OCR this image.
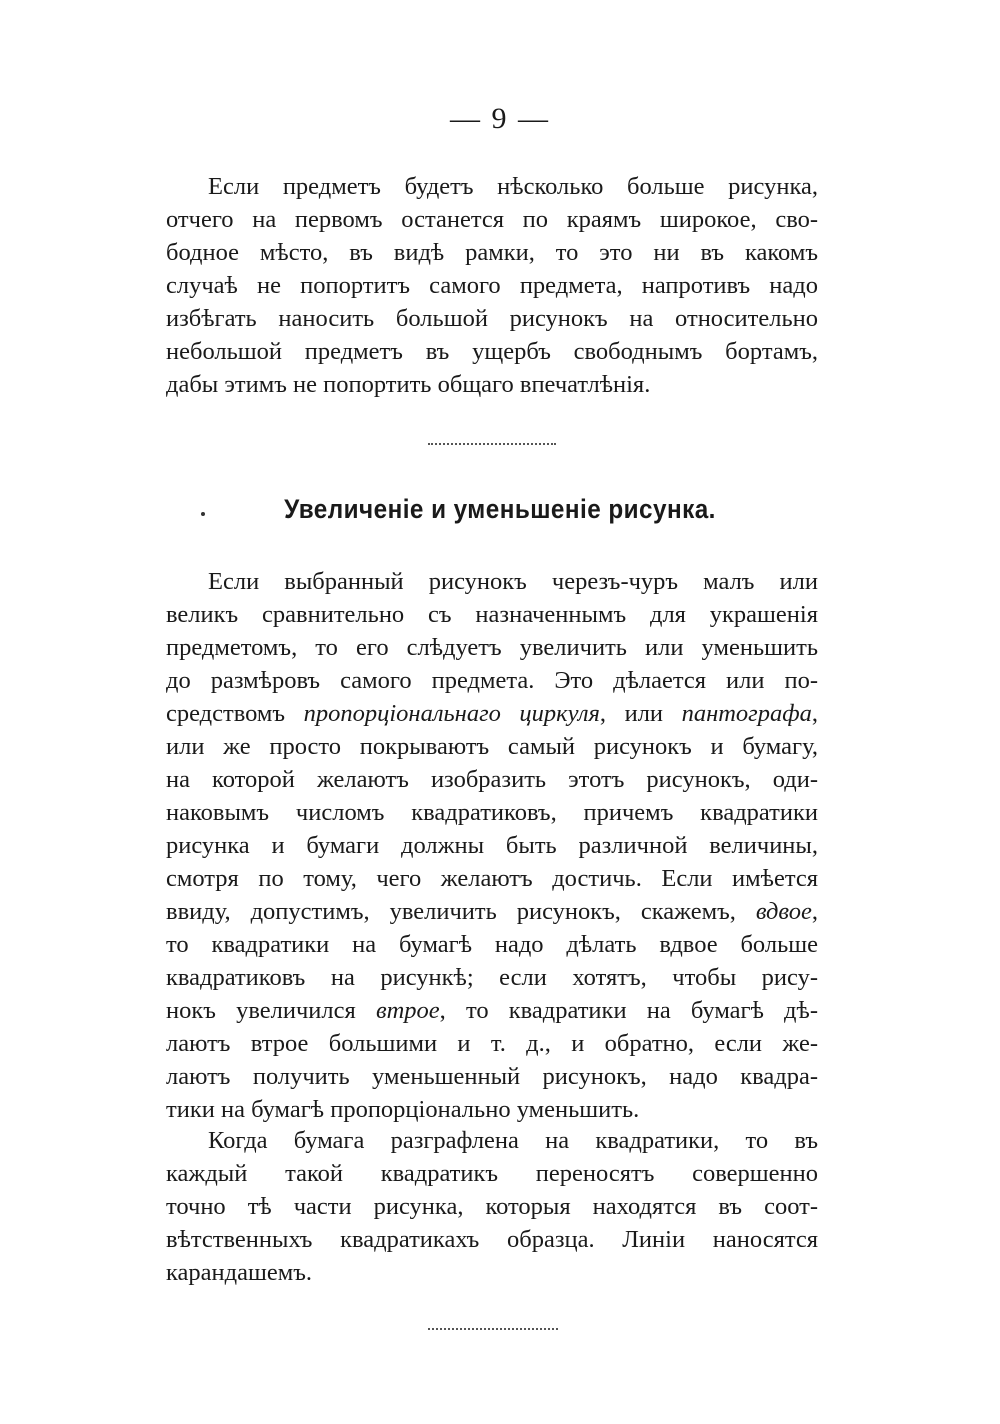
— 9 —
Если предметъ будетъ нѣсколько больше рисунка,
отчего на первомъ останется по краямъ широкое, сво-
бодное мѣсто, въ видѣ рамки, то это ни въ какомъ
случаѣ не попортитъ самого предмета, напротивъ надо
избѣгать наносить большой рисунокъ на относительно
небольшой предметъ въ ущербъ свободнымъ бортамъ,
дабы этимъ не попортить общаго впечатлѣнія.
Увеличенiе и уменьшенiе рисунка.
Если выбранный рисунокъ черезъ-чуръ малъ или
великъ сравнительно съ назначеннымъ для украшенiя
предметомъ, то его слѣдуетъ увеличить или уменьшить
до размѣровъ самого предмета. Это дѣлается или по-
средствомъ пропорцiональнаго циркуля, или пантографа,
или же просто покрываютъ самый рисунокъ и бумагу,
на которой желаютъ изобразить этотъ рисунокъ, оди-
наковымъ числомъ квадратиковъ, причемъ квадратики
рисунка и бумаги должны быть различной величины,
смотря по тому, чего желаютъ достичь. Если имѣется
ввиду, допустимъ, увеличить рисунокъ, скажемъ, вдвое,
то квадратики на бумагѣ надо дѣлать вдвое больше
квадратиковъ на рисункѣ; если хотятъ, чтобы рису-
нокъ увеличился втрое, то квадратики на бумагѣ дѣ-
лаютъ втрое большими и т. д., и обратно, если же-
лаютъ получить уменьшенный рисунокъ, надо квадра-
тики на бумагѣ пропорцiонально уменьшить.
Когда бумага разграфлена на квадратики, то въ
каждый такой квадратикъ переносятъ совершенно
точно тѣ части рисунка, которыя находятся въ соот-
вѣтственныхъ квадратикахъ образца. Линiи наносятся
карандашемъ.
